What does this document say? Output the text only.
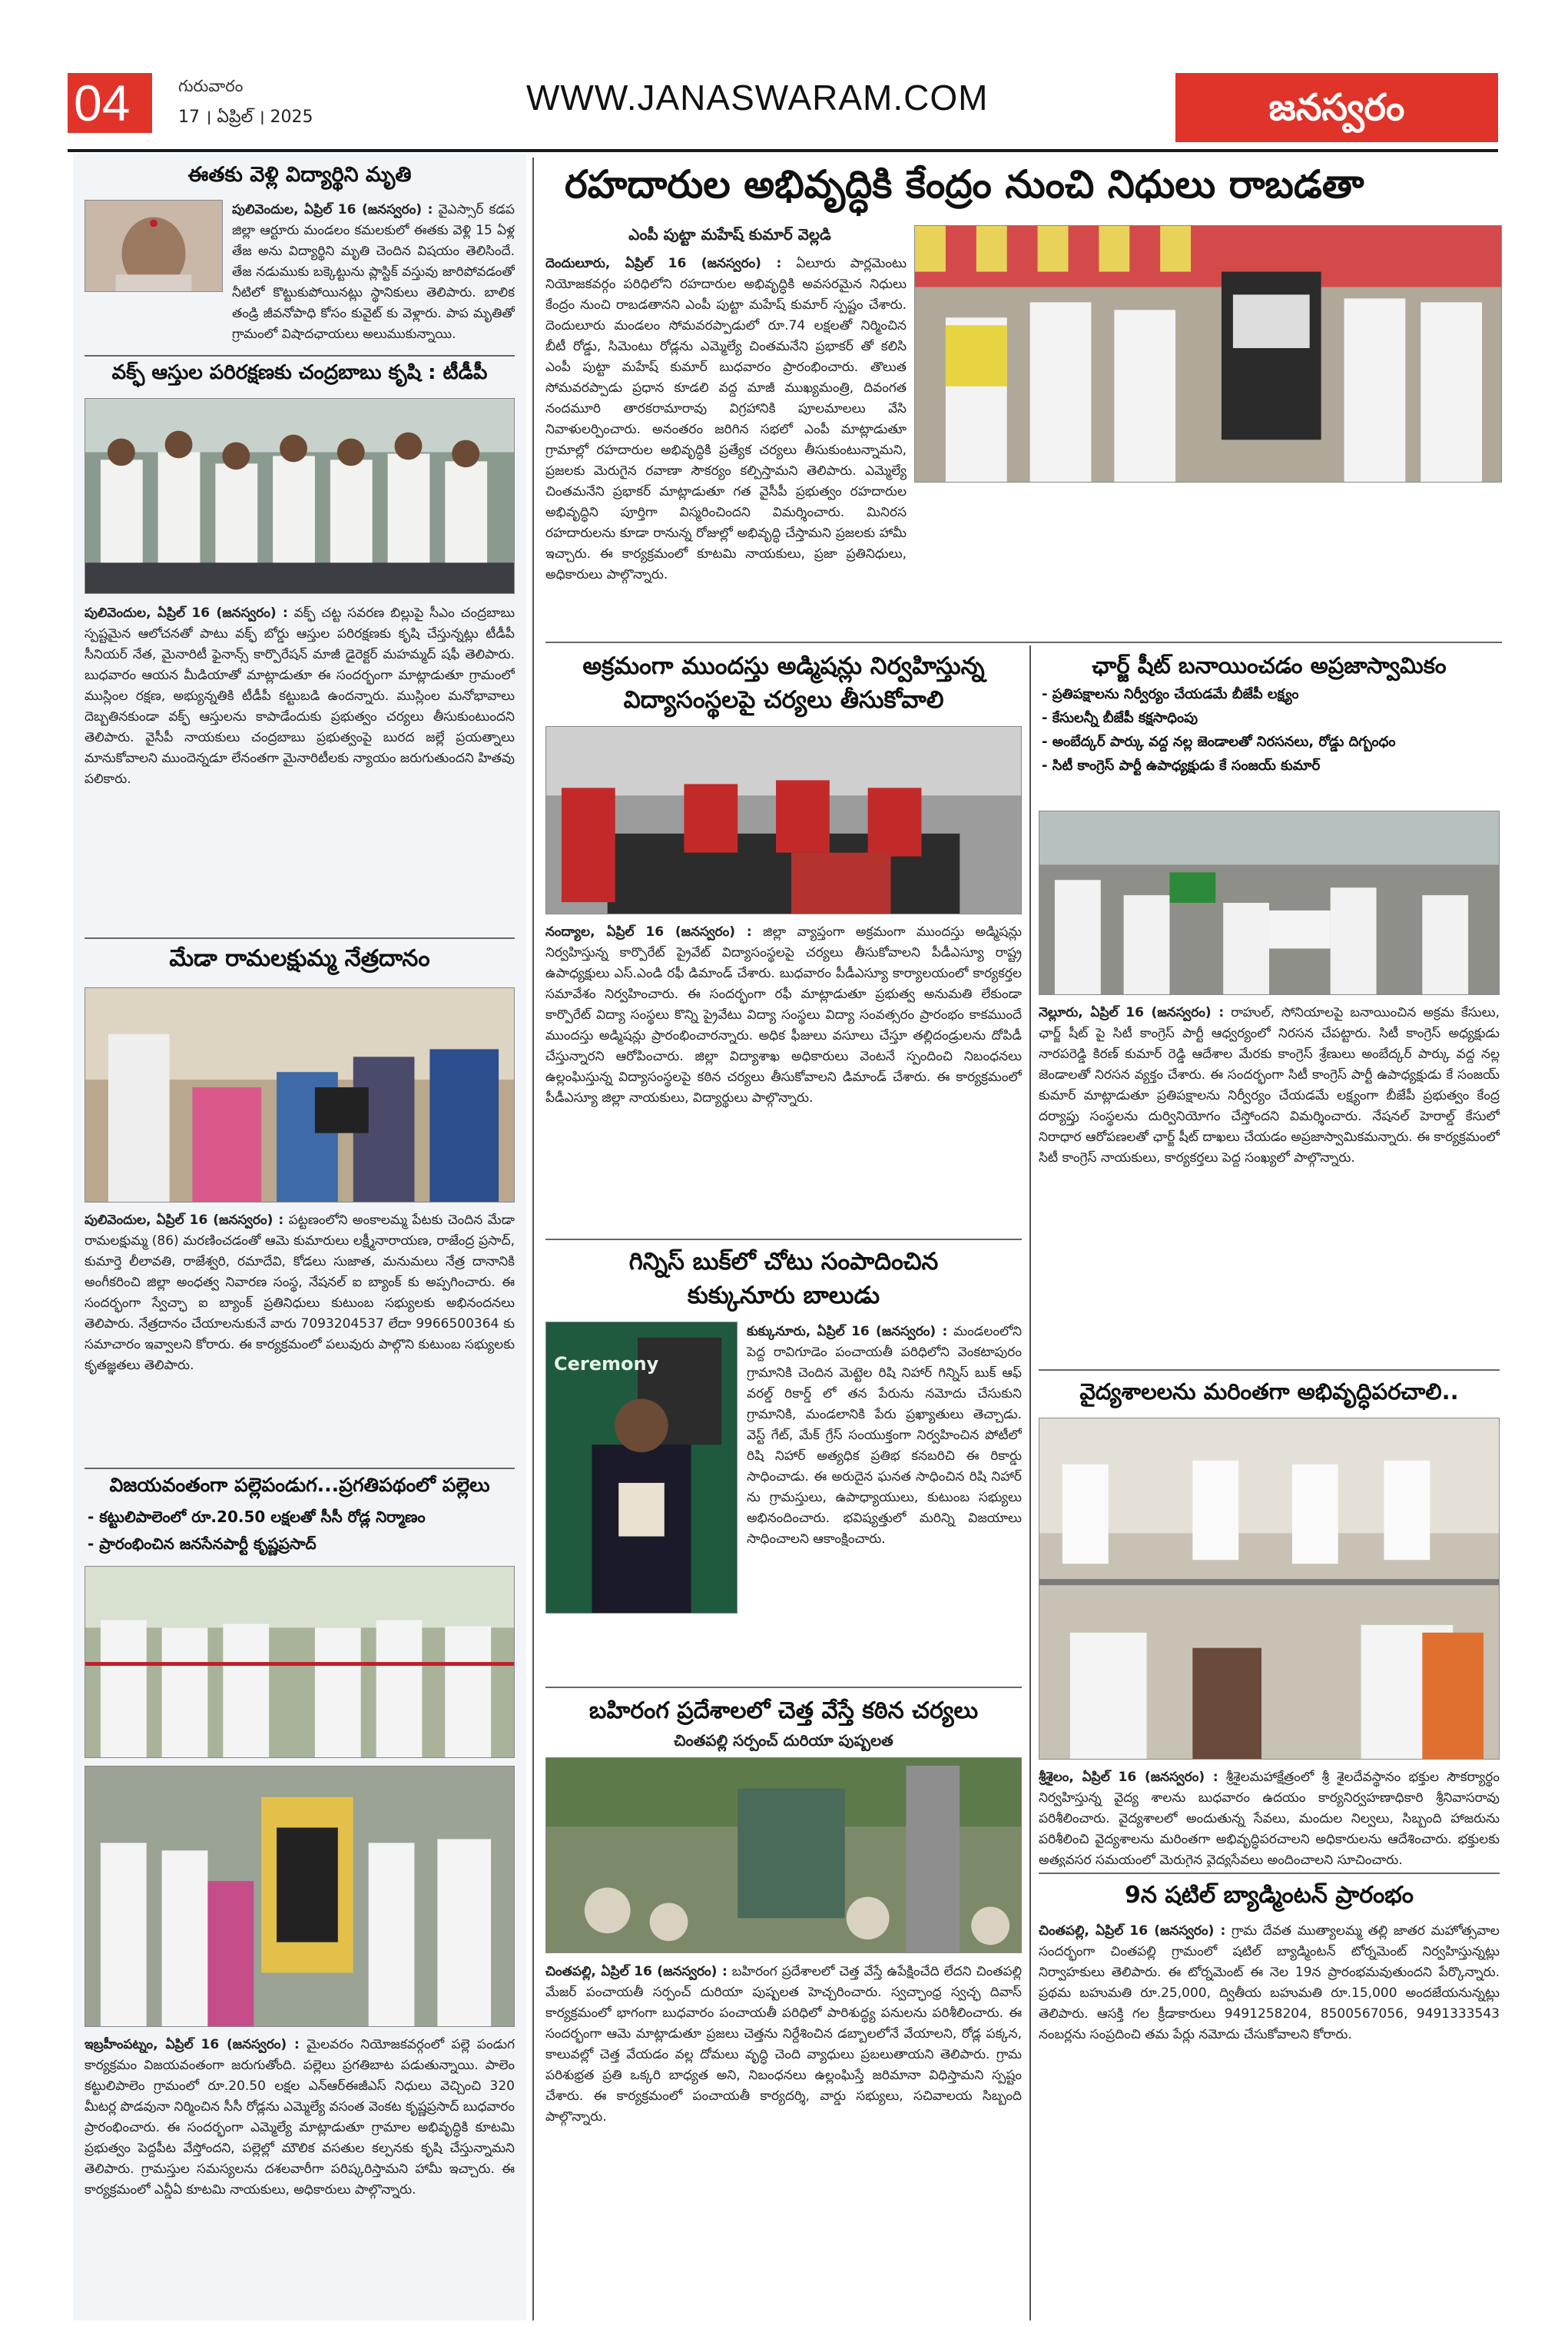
04	గురువారం
17 । ఏప్రిల్ । 2025	WWW.JANASWARAM.COM	జనస్వరం
ఈతకు వెళ్లి విద్యార్థిని మృతి
పులివెందుల, ఏప్రిల్ 16 (జనస్వరం) : వైఎస్సార్ కడప జిల్లా ఆర్టూరు మండలం కమలకులో ఈతకు వెళ్లి 15 ఏళ్ల తేజ అను విద్యార్థిని మృతి చెందిన విషయం తెలిసిందే. తేజ నడుముకు బక్కెట్టును ప్లాస్టిక్ వస్తువు జారిపోవడంతో నీటిలో కొట్టుకుపోయినట్లు స్థానికులు తెలిపారు. బాలిక తండ్రి జీవనోపాధి కోసం కువైట్ కు వెళ్లారు. పాప మృతితో గ్రామంలో విషాదఛాయలు అలుముకున్నాయి.
వక్ఫ్ ఆస్తుల పరిరక్షణకు చంద్రబాబు కృషి : టీడీపీ
పులివెందుల, ఏప్రిల్ 16 (జనస్వరం) : వక్ఫ్ చట్ట సవరణ బిల్లుపై సీఎం చంద్రబాబు స్పష్టమైన ఆలోచనతో పాటు వక్ఫ్ బోర్డు ఆస్తుల పరిరక్షణకు కృషి చేస్తున్నట్లు టీడీపీ సీనియర్ నేత, మైనారిటీ ఫైనాన్స్ కార్పొరేషన్ మాజీ డైరెక్టర్ మహమ్మద్ షఫీ తెలిపారు. బుధవారం ఆయన మీడియాతో మాట్లాడుతూ ఈ సందర్భంగా మాట్లాడుతూ గ్రామంలో ముస్లింల రక్షణ, అభ్యున్నతికి టీడీపీ కట్టుబడి ఉందన్నారు. ముస్లింల మనోభావాలు దెబ్బతినకుండా వక్ఫ్ ఆస్తులను కాపాడేందుకు ప్రభుత్వం చర్యలు తీసుకుంటుందని తెలిపారు. వైసీపీ నాయకులు చంద్రబాబు ప్రభుత్వంపై బురద జల్లే ప్రయత్నాలు మానుకోవాలని ముందెన్నడూ లేనంతగా మైనారిటీలకు న్యాయం జరుగుతుందని హితవు పలికారు.
మేడా రామలక్షుమ్మ నేత్రదానం
పులివెందుల, ఏప్రిల్ 16 (జనస్వరం) : పట్టణంలోని అంకాలమ్మ పేటకు చెందిన మేడా రామలక్షుమ్మ (86) మరణించడంతో ఆమె కుమారులు లక్ష్మీనారాయణ, రాజేంద్ర ప్రసాద్, కుమార్తె లీలావతి, రాజేశ్వరి, రమాదేవి, కోడలు సుజాత, మనుమలు నేత్ర దానానికి అంగీకరించి జిల్లా అంధత్వ నివారణ సంస్థ, నేషనల్ ఐ బ్యాంక్ కు అప్పగించారు. ఈ సందర్భంగా స్వేచ్ఛా ఐ బ్యాంక్ ప్రతినిధులు కుటుంబ సభ్యులకు అభినందనలు తెలిపారు. నేత్రదానం చేయాలనుకునే వారు 7093204537 లేదా 9966500364 కు సమాచారం ఇవ్వాలని కోరారు. ఈ కార్యక్రమంలో పలువురు పాల్గొని కుటుంబ సభ్యులకు కృతజ్ఞతలు తెలిపారు.
విజయవంతంగా పల్లెపండుగ...ప్రగతిపథంలో పల్లెలు
- కట్టులిపాలెంలో రూ.20.50 లక్షలతో సీసీ రోడ్ల నిర్మాణం
- ప్రారంభించిన జనసేనపార్టీ కృష్ణప్రసాద్
ఇబ్రహీంపట్నం, ఏప్రిల్ 16 (జనస్వరం) : మైలవరం నియోజకవర్గంలో పల్లె పండుగ కార్యక్రమం విజయవంతంగా జరుగుతోంది. పల్లెలు ప్రగతిబాట పడుతున్నాయి. పాలెం కట్టులిపాలెం గ్రామంలో రూ.20.50 లక్షల ఎన్ఆర్ఈజీఎస్ నిధులు వెచ్చించి 320 మీటర్ల పొడవునా నిర్మించిన సీసీ రోడ్లను ఎమ్మెల్యే వసంత వెంకట కృష్ణప్రసాద్ బుధవారం ప్రారంభించారు. ఈ సందర్భంగా ఎమ్మెల్యే మాట్లాడుతూ గ్రామాల అభివృద్ధికి కూటమి ప్రభుత్వం పెద్దపీట వేస్తోందని, పల్లెల్లో మౌలిక వసతుల కల్పనకు కృషి చేస్తున్నామని తెలిపారు. గ్రామస్తుల సమస్యలను దశలవారీగా పరిష్కరిస్తామని హామీ ఇచ్చారు. ఈ కార్యక్రమంలో ఎన్డీఏ కూటమి నాయకులు, అధికారులు పాల్గొన్నారు.
రహదారుల అభివృద్ధికి కేంద్రం నుంచి నిధులు రాబడతా
ఎంపీ పుట్టా మహేష్ కుమార్ వెల్లడి
దెందులూరు, ఏప్రిల్ 16 (జనస్వరం) : ఏలూరు పార్లమెంటు నియోజకవర్గం పరిధిలోని రహదారుల అభివృద్ధికి అవసరమైన నిధులు కేంద్రం నుంచి రాబడతానని ఎంపీ పుట్టా మహేష్ కుమార్ స్పష్టం చేశారు. దెందులూరు మండలం సోమవరప్పాడులో రూ.74 లక్షలతో నిర్మించిన బీటీ రోడ్డు, సిమెంటు రోడ్లను ఎమ్మెల్యే చింతమనేని ప్రభాకర్ తో కలిసి ఎంపీ పుట్టా మహేష్ కుమార్ బుధవారం ప్రారంభించారు. తొలుత సోమవరప్పాడు ప్రధాన కూడలి వద్ద మాజీ ముఖ్యమంత్రి, దివంగత నందమూరి తారకరామారావు విగ్రహానికి పూలమాలలు వేసి నివాళులర్పించారు. అనంతరం జరిగిన సభలో ఎంపీ మాట్లాడుతూ గ్రామాల్లో రహదారుల అభివృద్ధికి ప్రత్యేక చర్యలు తీసుకుంటున్నామని, ప్రజలకు మెరుగైన రవాణా సౌకర్యం కల్పిస్తామని తెలిపారు. ఎమ్మెల్యే చింతమనేని ప్రభాకర్ మాట్లాడుతూ గత వైసీపీ ప్రభుత్వం రహదారుల అభివృద్ధిని పూర్తిగా విస్మరించిందని విమర్శించారు. మినిరస రహదారులను కూడా రానున్న రోజుల్లో అభివృద్ధి చేస్తామని ప్రజలకు హామీ ఇచ్చారు. ఈ కార్యక్రమంలో కూటమి నాయకులు, ప్రజా ప్రతినిధులు, అధికారులు పాల్గొన్నారు.
అక్రమంగా ముందస్తు అడ్మిషన్లు నిర్వహిస్తున్న
విద్యాసంస్థలపై చర్యలు తీసుకోవాలి
నంద్యాల, ఏప్రిల్ 16 (జనస్వరం) : జిల్లా వ్యాప్తంగా అక్రమంగా ముందస్తు అడ్మిషన్లు నిర్వహిస్తున్న కార్పొరేట్ ప్రైవేట్ విద్యాసంస్థలపై చర్యలు తీసుకోవాలని పీడీఎస్యూ రాష్ట్ర ఉపాధ్యక్షులు ఎస్.ఎండి రఫీ డిమాండ్ చేశారు. బుధవారం పీడీఎస్యూ కార్యాలయంలో కార్యకర్తల సమావేశం నిర్వహించారు. ఈ సందర్భంగా రఫీ మాట్లాడుతూ ప్రభుత్వ అనుమతి లేకుండా కార్పొరేట్ విద్యా సంస్థలు కొన్ని ప్రైవేటు విద్యా సంస్థలు విద్యా సంవత్సరం ప్రారంభం కాకముందే ముందస్తు అడ్మిషన్లు ప్రారంభించారన్నారు. అధిక ఫీజులు వసూలు చేస్తూ తల్లిదండ్రులను దోపిడీ చేస్తున్నారని ఆరోపించారు. జిల్లా విద్యాశాఖ అధికారులు వెంటనే స్పందించి నిబంధనలు ఉల్లంఘిస్తున్న విద్యాసంస్థలపై కఠిన చర్యలు తీసుకోవాలని డిమాండ్ చేశారు. ఈ కార్యక్రమంలో పీడీఎస్యూ జిల్లా నాయకులు, విద్యార్థులు పాల్గొన్నారు.
గిన్నిస్ బుక్‌లో చోటు సంపాదించిన
కుక్కునూరు బాలుడు
Ceremony
కుక్కునూరు, ఏప్రిల్ 16 (జనస్వరం) : మండలంలోని పెద్ద రావిగూడెం పంచాయతీ పరిధిలోని వెంకటాపురం గ్రామానికి చెందిన మెట్టెల రిషి నిహార్ గిన్నిస్ బుక్ ఆఫ్ వరల్డ్ రికార్డ్ లో తన పేరును నమోదు చేసుకుని గ్రామానికి, మండలానికి పేరు ప్రఖ్యాతులు తెచ్చాడు. వెస్ట్ గేట్, మేక్ గ్రేస్ సంయుక్తంగా నిర్వహించిన పోటీలో రిషి నిహార్ అత్యధిక ప్రతిభ కనబరిచి ఈ రికార్డు సాధించాడు. ఈ అరుదైన ఘనత సాధించిన రిషి నిహార్ ను గ్రామస్తులు, ఉపాధ్యాయులు, కుటుంబ సభ్యులు అభినందించారు. భవిష్యత్తులో మరిన్ని విజయాలు సాధించాలని ఆకాంక్షించారు.
బహిరంగ ప్రదేశాలలో చెత్త వేస్తే కఠిన చర్యలు
చింతపల్లి సర్పంచ్ దురియా పుష్పలత
చింతపల్లి, ఏప్రిల్ 16 (జనస్వరం) : బహిరంగ ప్రదేశాలలో చెత్త వేస్తే ఉపేక్షించేది లేదని చింతపల్లి మేజర్ పంచాయతీ సర్పంచ్ దురియా పుష్పలత హెచ్చరించారు. స్వచ్ఛాంధ్ర స్వచ్ఛ దివాస్ కార్యక్రమంలో భాగంగా బుధవారం పంచాయతీ పరిధిలో పారిశుద్ధ్య పనులను పరిశీలించారు. ఈ సందర్భంగా ఆమె మాట్లాడుతూ ప్రజలు చెత్తను నిర్దేశించిన డబ్బాలలోనే వేయాలని, రోడ్ల పక్కన, కాలువల్లో చెత్త వేయడం వల్ల దోమలు వృద్ధి చెంది వ్యాధులు ప్రబలుతాయని తెలిపారు. గ్రామ పరిశుభ్రత ప్రతి ఒక్కరి బాధ్యత అని, నిబంధనలు ఉల్లంఘిస్తే జరిమానా విధిస్తామని స్పష్టం చేశారు. ఈ కార్యక్రమంలో పంచాయతీ కార్యదర్శి, వార్డు సభ్యులు, సచివాలయ సిబ్బంది పాల్గొన్నారు.
ఛార్జ్ షీట్ బనాయించడం అప్రజాస్వామికం
- ప్రతిపక్షాలను నిర్వీర్యం చేయడమే బీజేపీ లక్ష్యం
- కేసులన్నీ బీజేపీ కక్షసాధింపు
- అంబేద్కర్ పార్కు వద్ద నల్ల జెండాలతో నిరసనలు, రోడ్డు దిగ్బంధం
- సిటీ కాంగ్రెస్ పార్టీ ఉపాధ్యక్షుడు కే సంజయ్ కుమార్
నెల్లూరు, ఏప్రిల్ 16 (జనస్వరం) : రాహుల్, సోనియాలపై బనాయించిన అక్రమ కేసులు, ఛార్జ్ షీట్ పై సిటీ కాంగ్రెస్ పార్టీ ఆధ్వర్యంలో నిరసన చేపట్టారు. సిటీ కాంగ్రెస్ అధ్యక్షుడు నారపరెడ్డి కిరణ్ కుమార్ రెడ్డి ఆదేశాల మేరకు కాంగ్రెస్ శ్రేణులు అంబేద్కర్ పార్కు వద్ద నల్ల జెండాలతో నిరసన వ్యక్తం చేశారు. ఈ సందర్భంగా సిటీ కాంగ్రెస్ పార్టీ ఉపాధ్యక్షుడు కే సంజయ్ కుమార్ మాట్లాడుతూ ప్రతిపక్షాలను నిర్వీర్యం చేయడమే లక్ష్యంగా బీజేపీ ప్రభుత్వం కేంద్ర దర్యాప్తు సంస్థలను దుర్వినియోగం చేస్తోందని విమర్శించారు. నేషనల్ హెరాల్డ్ కేసులో నిరాధార ఆరోపణలతో ఛార్జ్ షీట్ దాఖలు చేయడం అప్రజాస్వామికమన్నారు. ఈ కార్యక్రమంలో సిటీ కాంగ్రెస్ నాయకులు, కార్యకర్తలు పెద్ద సంఖ్యలో పాల్గొన్నారు.
వైద్యశాలలను మరింతగా అభివృద్ధిపరచాలి..
శ్రీశైలం, ఏప్రిల్ 16 (జనస్వరం) : శ్రీశైలమహాక్షేత్రంలో శ్రీ శైలదేవస్థానం భక్తుల సౌకర్యార్థం నిర్వహిస్తున్న వైద్య శాలను బుధవారం ఉదయం కార్యనిర్వహణాధికారి శ్రీనివాసరావు పరిశీలించారు. వైద్యశాలలో అందుతున్న సేవలు, మందుల నిల్వలు, సిబ్బంది హాజరును పరిశీలించి వైద్యశాలను మరింతగా అభివృద్ధిపరచాలని అధికారులను ఆదేశించారు. భక్తులకు అత్యవసర సమయంలో మెరుగైన వైద్యసేవలు అందించాలని సూచించారు.
9న షటిల్ బ్యాడ్మింటన్ ప్రారంభం
చింతపల్లి, ఏప్రిల్ 16 (జనస్వరం) : గ్రామ దేవత ముత్యాలమ్మ తల్లి జాతర మహోత్సవాల సందర్భంగా చింతపల్లి గ్రామంలో షటిల్ బ్యాడ్మింటన్ టోర్నమెంట్ నిర్వహిస్తున్నట్లు నిర్వాహకులు తెలిపారు. ఈ టోర్నమెంట్ ఈ నెల 19న ప్రారంభమవుతుందని పేర్కొన్నారు. ప్రథమ బహుమతి రూ.25,000, ద్వితీయ బహుమతి రూ.15,000 అందజేయనున్నట్లు తెలిపారు. ఆసక్తి గల క్రీడాకారులు 9491258204, 8500567056, 9491333543 నంబర్లను సంప్రదించి తమ పేర్లు నమోదు చేసుకోవాలని కోరారు.
